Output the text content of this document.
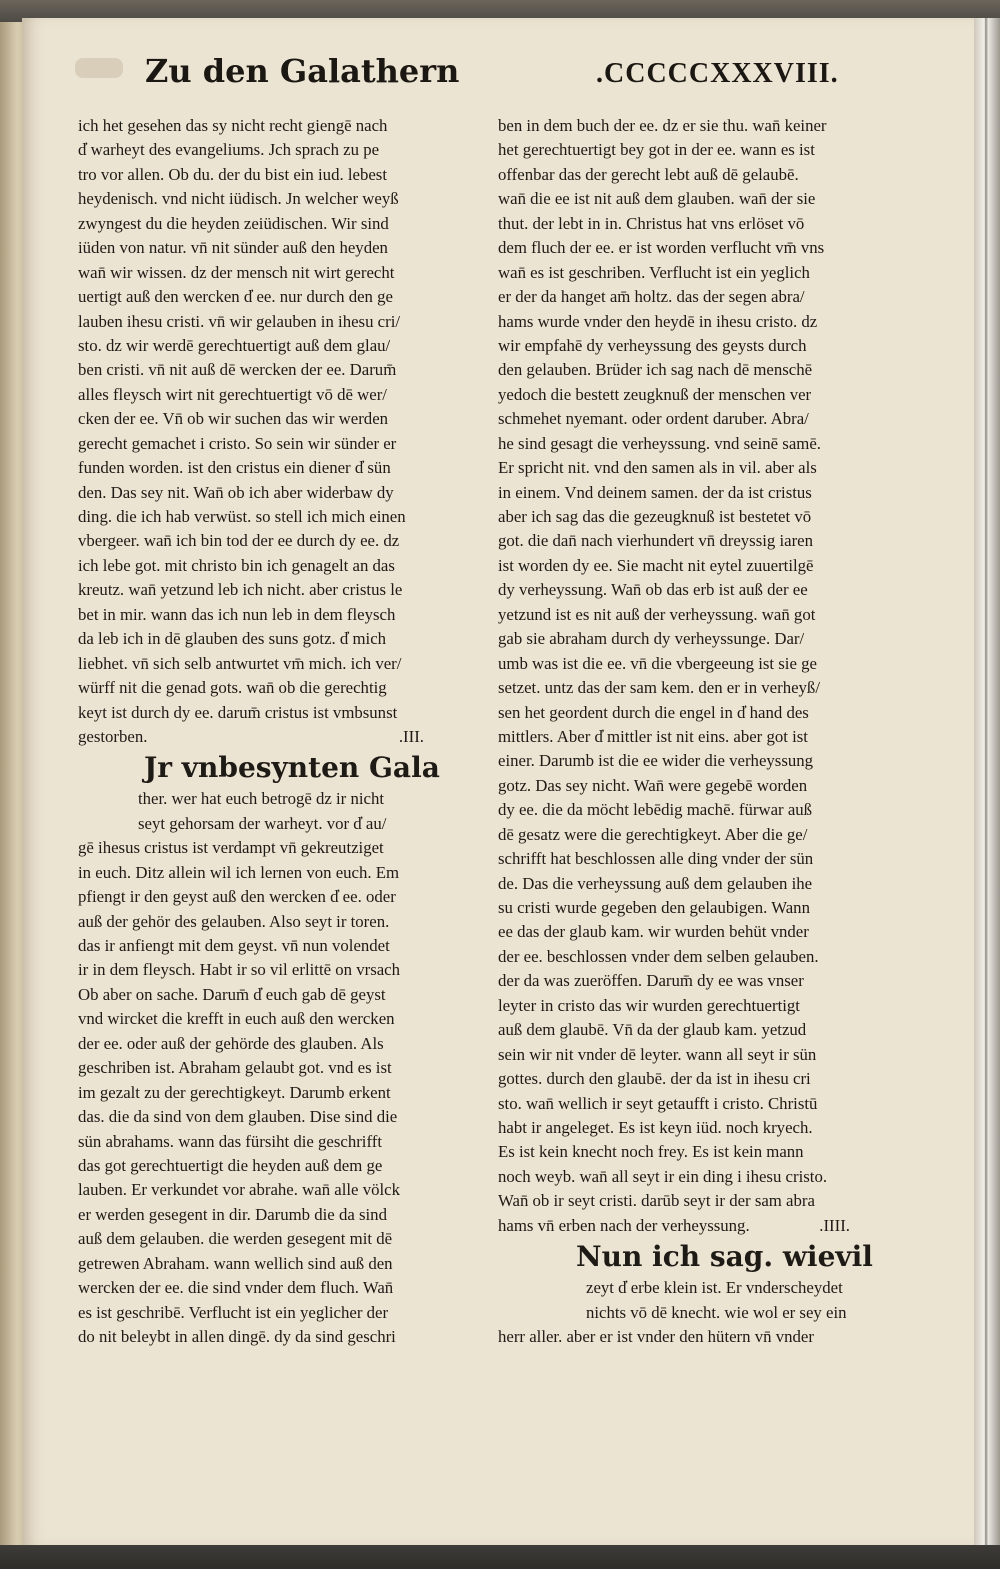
Zu den Galathern	.CCCCCXXXVIII.
ich het gesehen das sy nicht recht giengē nach
d̓ warheyt des evangeliums. Jch sprach zu pe
tro vor allen. Ob du. der du bist ein iud. lebest
heydenisch. vnd nicht iüdisch. Jn welcher weyß
zwyngest du die heyden zeiüdischen. Wir sind
iüden von natur. vn̄ nit sünder auß den heyden
wan̄ wir wissen. dz der mensch nit wirt gerecht
uertigt auß den wercken d̓ ee. nur durch den ge
lauben ihesu cristi. vn̄ wir gelauben in ihesu cri/
sto. dz wir werdē gerechtuertigt auß dem glau/
ben cristi. vn̄ nit auß dē wercken der ee. Darum̄
alles fleysch wirt nit gerechtuertigt vō dē wer/
cken der ee. Vn̄ ob wir suchen das wir werden
gerecht gemachet i cristo. So sein wir sünder er
funden worden. ist den cristus ein diener d̓ sün
den. Das sey nit. Wan̄ ob ich aber widerbaw dy
ding. die ich hab verwüst. so stell ich mich einen
vbergeer. wan̄ ich bin tod der ee durch dy ee. dz
ich lebe got. mit christo bin ich genagelt an das
kreutz. wan̄ yetzund leb ich nicht. aber cristus le
bet in mir. wann das ich nun leb in dem fleysch
da leb ich in dē glauben des suns gotz. d̓ mich
liebhet. vn̄ sich selb antwurtet vm̄ mich. ich ver/
würff nit die genad gots. wan̄ ob die gerechtig
keyt ist durch dy ee. darum̄ cristus ist vmbsunst
gestorben.	.III.
Jr vnbesynten Gala
ther. wer hat euch betrogē dz ir nicht
seyt gehorsam der warheyt. vor d̓ au/
gē ihesus cristus ist verdampt vn̄ gekreutziget
in euch. Ditz allein wil ich lernen von euch. Em
pfiengt ir den geyst auß den wercken d̓ ee. oder
auß der gehör des gelauben. Also seyt ir toren.
das ir anfiengt mit dem geyst. vn̄ nun volendet
ir in dem fleysch. Habt ir so vil erlittē on vrsach
Ob aber on sache. Darum̄ d̓ euch gab dē geyst
vnd wircket die krefft in euch auß den wercken
der ee. oder auß der gehörde des glauben. Als
geschriben ist. Abraham gelaubt got. vnd es ist
im gezalt zu der gerechtigkeyt. Darumb erkent
das. die da sind von dem glauben. Dise sind die
sün abrahams. wann das fürsiht die geschrifft
das got gerechtuertigt die heyden auß dem ge
lauben. Er verkundet vor abrahe. wan̄ alle völck
er werden gesegent in dir. Darumb die da sind
auß dem gelauben. die werden gesegent mit dē
getrewen Abraham. wann wellich sind auß den
wercken der ee. die sind vnder dem fluch. Wan̄
es ist geschribē. Verflucht ist ein yeglicher der
do nit beleybt in allen dingē. dy da sind geschri
ben in dem buch der ee. dz er sie thu. wan̄ keiner
het gerechtuertigt bey got in der ee. wann es ist
offenbar das der gerecht lebt auß dē gelaubē.
wan̄ die ee ist nit auß dem glauben. wan̄ der sie
thut. der lebt in in. Christus hat vns erlöset vō
dem fluch der ee. er ist worden verflucht vm̄ vns
wan̄ es ist geschriben. Verflucht ist ein yeglich
er der da hanget am̄ holtz. das der segen abra/
hams wurde vnder den heydē in ihesu cristo. dz
wir empfahē dy verheyssung des geysts durch
den gelauben. Brüder ich sag nach dē menschē
yedoch die bestett zeugknuß der menschen ver
schmehet nyemant. oder ordent daruber. Abra/
he sind gesagt die verheyssung. vnd seinē samē.
Er spricht nit. vnd den samen als in vil. aber als
in einem. Vnd deinem samen. der da ist cristus
aber ich sag das die gezeugknuß ist bestetet vō
got. die dan̄ nach vierhundert vn̄ dreyssig iaren
ist worden dy ee. Sie macht nit eytel zuuertilgē
dy verheyssung. Wan̄ ob das erb ist auß der ee
yetzund ist es nit auß der verheyssung. wan̄ got
gab sie abraham durch dy verheyssunge. Dar/
umb was ist die ee. vn̄ die vbergeeung ist sie ge
setzet. untz das der sam kem. den er in verheyß/
sen het geordent durch die engel in d̓ hand des
mittlers. Aber d̓ mittler ist nit eins. aber got ist
einer. Darumb ist die ee wider die verheyssung
gotz. Das sey nicht. Wan̄ were gegebē worden
dy ee. die da möcht lebēdig machē. fürwar auß
dē gesatz were die gerechtigkeyt. Aber die ge/
schrifft hat beschlossen alle ding vnder der sün
de. Das die verheyssung auß dem gelauben ihe
su cristi wurde gegeben den gelaubigen. Wann
ee das der glaub kam. wir wurden behüt vnder
der ee. beschlossen vnder dem selben gelauben.
der da was zueröffen. Darum̄ dy ee was vnser
leyter in cristo das wir wurden gerechtuertigt
auß dem glaubē. Vn̄ da der glaub kam. yetzud
sein wir nit vnder dē leyter. wann all seyt ir sün
gottes. durch den glaubē. der da ist in ihesu cri
sto. wan̄ wellich ir seyt getaufft i cristo. Christū
habt ir angeleget. Es ist keyn iüd. noch kryech.
Es ist kein knecht noch frey. Es ist kein mann
noch weyb. wan̄ all seyt ir ein ding i ihesu cristo.
Wan̄ ob ir seyt cristi. darūb seyt ir der sam abra
hams vn̄ erben nach der verheyssung.	.IIII.
Nun ich sag. wievil
zeyt d̓ erbe klein ist. Er vnderscheydet
nichts vō dē knecht. wie wol er sey ein
herr aller. aber er ist vnder den hütern vn̄ vnder
